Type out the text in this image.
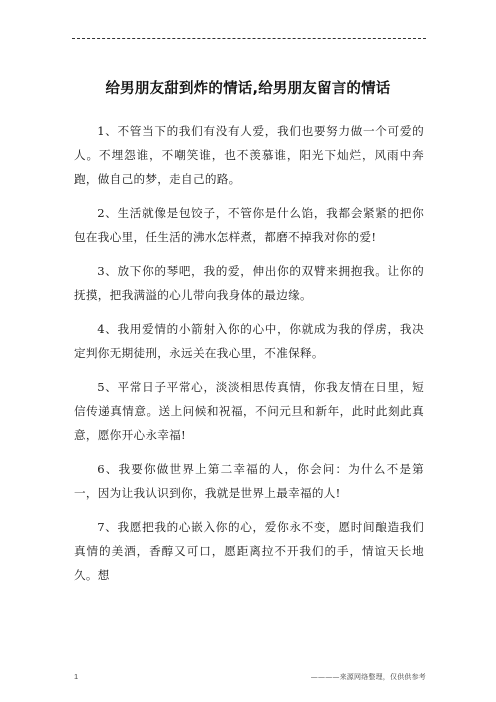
给男朋友甜到炸的情话,给男朋友留言的情话

1、不管当下的我们有没有人爱，我们也要努力做一个可爱的人。不埋怨谁，不嘲笑谁，也不羡慕谁，阳光下灿烂，风雨中奔跑，做自己的梦，走自己的路。

2、生活就像是包饺子，不管你是什么馅，我都会紧紧的把你包在我心里，任生活的沸水怎样煮，都磨不掉我对你的爱!

3、放下你的琴吧，我的爱，伸出你的双臂来拥抱我。让你的抚摸，把我满溢的心儿带向我身体的最边缘。

4、我用爱情的小箭射入你的心中，你就成为我的俘虏，我决定判你无期徒刑，永远关在我心里，不准保释。

5、平常日子平常心，淡淡相思传真情，你我友情在日里，短信传递真情意。送上问候和祝福，不问元旦和新年，此时此刻此真意，愿你开心永幸福!

6、我要你做世界上第二幸福的人，你会问：为什么不是第一，因为让我认识到你，我就是世界上最幸福的人!

7、我愿把我的心嵌入你的心，爱你永不变，愿时间酿造我们真情的美酒，香醇又可口，愿距离拉不开我们的手，情谊天长地久。想

1	————来源网络整理，仅供供参考
